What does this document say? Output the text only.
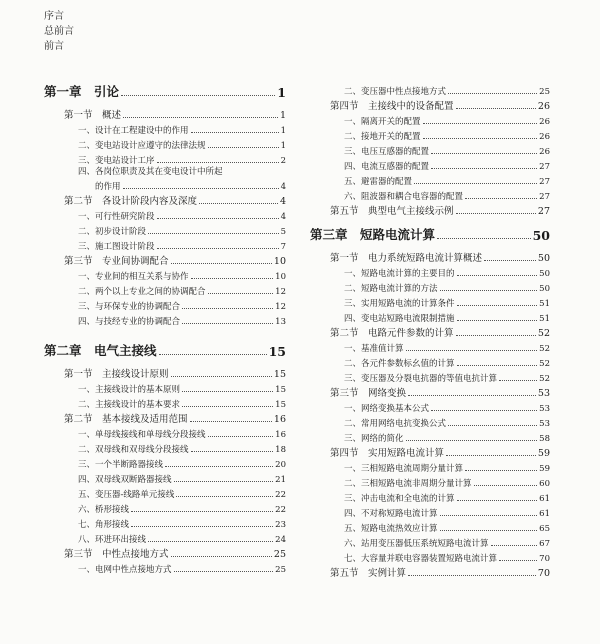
序言
总前言
前言
第一章　引论	1
第一节　概述	1
一、设计在工程建设中的作用	1
二、变电站设计应遵守的法律法规	1
三、变电站设计工序	2
四、各岗位职责及其在变电设计中所起
的作用	4
第二节　各设计阶段内容及深度	4
一、可行性研究阶段	4
二、初步设计阶段	5
三、施工图设计阶段	7
第三节　专业间协调配合	10
一、专业间的相互关系与协作	10
二、两个以上专业之间的协调配合	12
三、与环保专业的协调配合	12
四、与技经专业的协调配合	13
第二章　电气主接线	15
第一节　主接线设计原则	15
一、主接线设计的基本原则	15
二、主接线设计的基本要求	15
第二节　基本接线及适用范围	16
一、单母线接线和单母线分段接线	16
二、双母线和双母线分段接线	18
三、一个半断路器接线	20
四、双母线双断路器接线	21
五、变压器-线路单元接线	22
六、桥形接线	22
七、角形接线	23
八、环进环出接线	24
第三节　中性点接地方式	25
一、电网中性点接地方式	25
二、变压器中性点接地方式	25
第四节　主接线中的设备配置	26
一、隔离开关的配置	26
二、接地开关的配置	26
三、电压互感器的配置	26
四、电流互感器的配置	27
五、避雷器的配置	27
六、阻波器和耦合电容器的配置	27
第五节　典型电气主接线示例	27
第三章　短路电流计算	50
第一节　电力系统短路电流计算概述	50
一、短路电流计算的主要目的	50
二、短路电流计算的方法	50
三、实用短路电流的计算条件	51
四、变电站短路电流限制措施	51
第二节　电路元件参数的计算	52
一、基准值计算	52
二、各元件参数标幺值的计算	52
三、变压器及分裂电抗器的等值电抗计算	52
第三节　网络变换	53
一、网络变换基本公式	53
二、常用网络电抗变换公式	53
三、网络的简化	58
第四节　实用短路电流计算	59
一、三相短路电流周期分量计算	59
二、三相短路电流非周期分量计算	60
三、冲击电流和全电流的计算	61
四、不对称短路电流计算	61
五、短路电流热效应计算	65
六、站用变压器低压系统短路电流计算	67
七、大容量并联电容器装置短路电流计算	70
第五节　实例计算	70
